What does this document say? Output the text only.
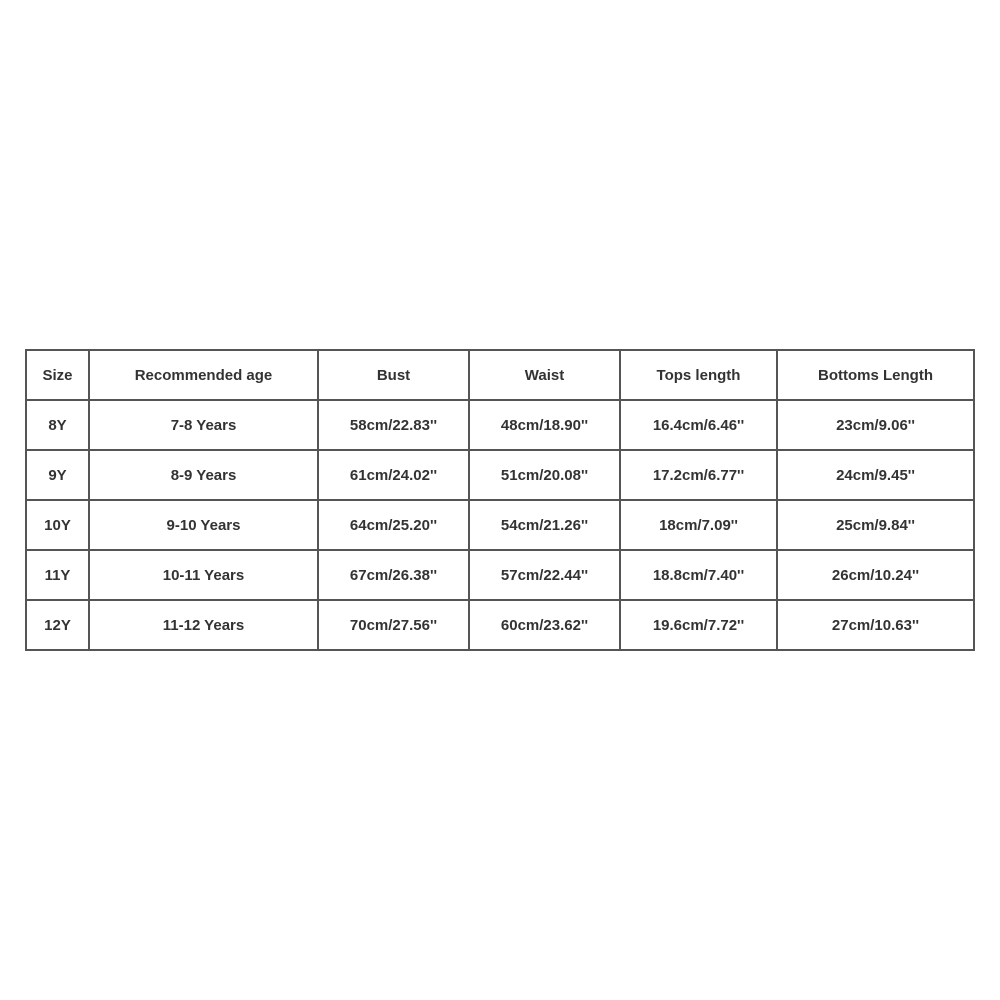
Size	Recommended age	Bust	Waist	Tops length	Bottoms Length
8Y	7-8 Years	58cm/22.83''	48cm/18.90''	16.4cm/6.46''	23cm/9.06''
9Y	8-9 Years	61cm/24.02''	51cm/20.08''	17.2cm/6.77''	24cm/9.45''
10Y	9-10 Years	64cm/25.20''	54cm/21.26''	18cm/7.09''	25cm/9.84''
11Y	10-11 Years	67cm/26.38''	57cm/22.44''	18.8cm/7.40''	26cm/10.24''
12Y	11-12 Years	70cm/27.56''	60cm/23.62''	19.6cm/7.72''	27cm/10.63''
